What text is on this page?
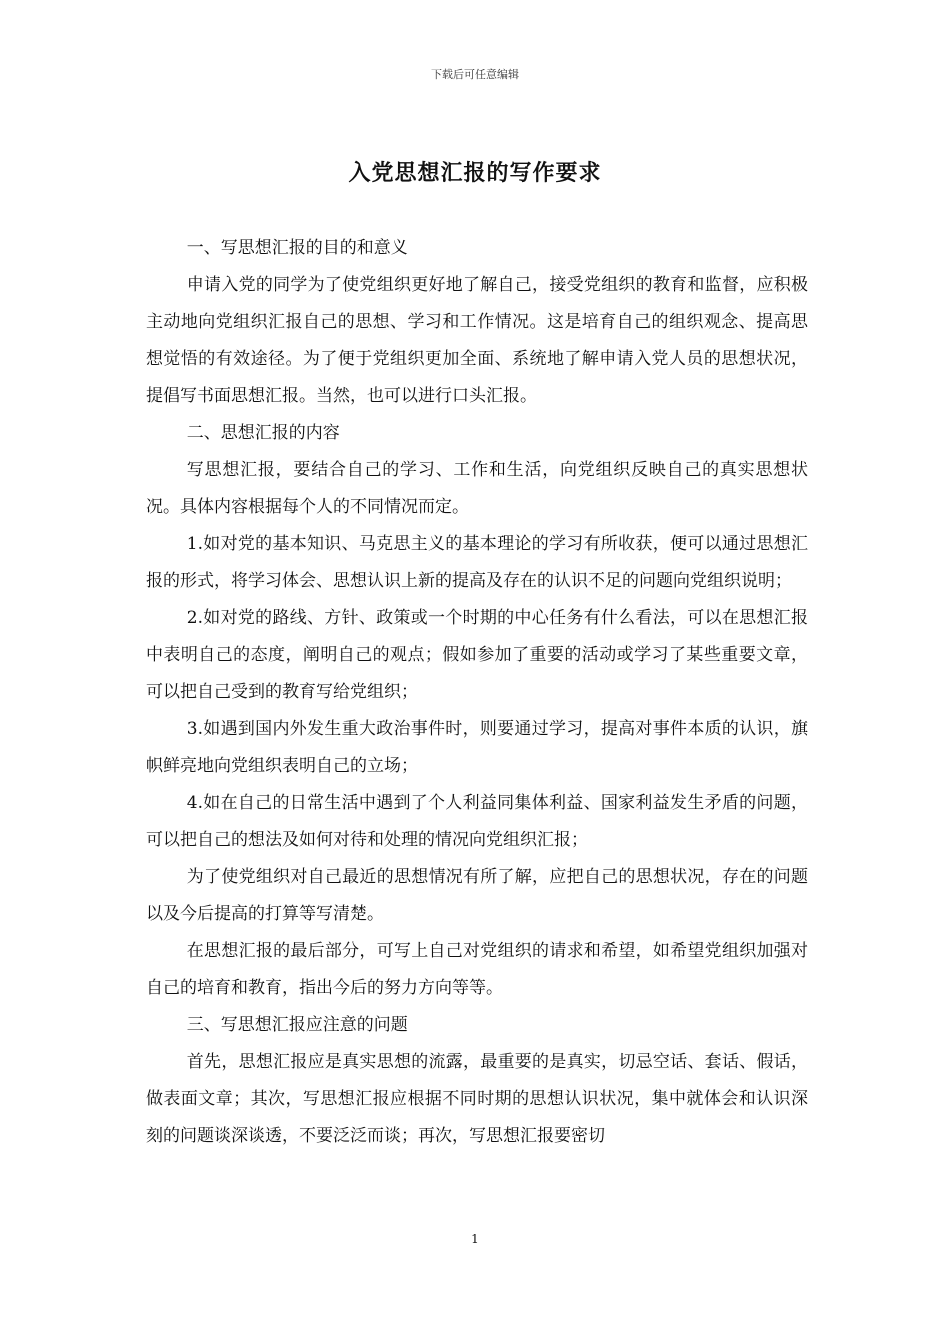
下载后可任意编辑
入党思想汇报的写作要求

一、写思想汇报的目的和意义

申请入党的同学为了使党组织更好地了解自己，接受党组织的教育和监督，应积极主动地向党组织汇报自己的思想、学习和工作情况。这是培育自己的组织观念、提高思想觉悟的有效途径。为了便于党组织更加全面、系统地了解申请入党人员的思想状况，提倡写书面思想汇报。当然，也可以进行口头汇报。

二、思想汇报的内容

写思想汇报，要结合自己的学习、工作和生活，向党组织反映自己的真实思想状况。具体内容根据每个人的不同情况而定。

1.如对党的基本知识、马克思主义的基本理论的学习有所收获，便可以通过思想汇报的形式，将学习体会、思想认识上新的提高及存在的认识不足的问题向党组织说明；

2.如对党的路线、方针、政策或一个时期的中心任务有什么看法，可以在思想汇报中表明自己的态度，阐明自己的观点；假如参加了重要的活动或学习了某些重要文章，可以把自己受到的教育写给党组织；

3.如遇到国内外发生重大政治事件时，则要通过学习，提高对事件本质的认识，旗帜鲜亮地向党组织表明自己的立场；

4.如在自己的日常生活中遇到了个人利益同集体利益、国家利益发生矛盾的问题，可以把自己的想法及如何对待和处理的情况向党组织汇报；

为了使党组织对自己最近的思想情况有所了解，应把自己的思想状况，存在的问题以及今后提高的打算等写清楚。

在思想汇报的最后部分，可写上自己对党组织的请求和希望，如希望党组织加强对自己的培育和教育，指出今后的努力方向等等。

三、写思想汇报应注意的问题

首先，思想汇报应是真实思想的流露，最重要的是真实，切忌空话、套话、假话，做表面文章；其次，写思想汇报应根据不同时期的思想认识状况，集中就体会和认识深刻的问题谈深谈透，不要泛泛而谈；再次，写思想汇报要密切

1
